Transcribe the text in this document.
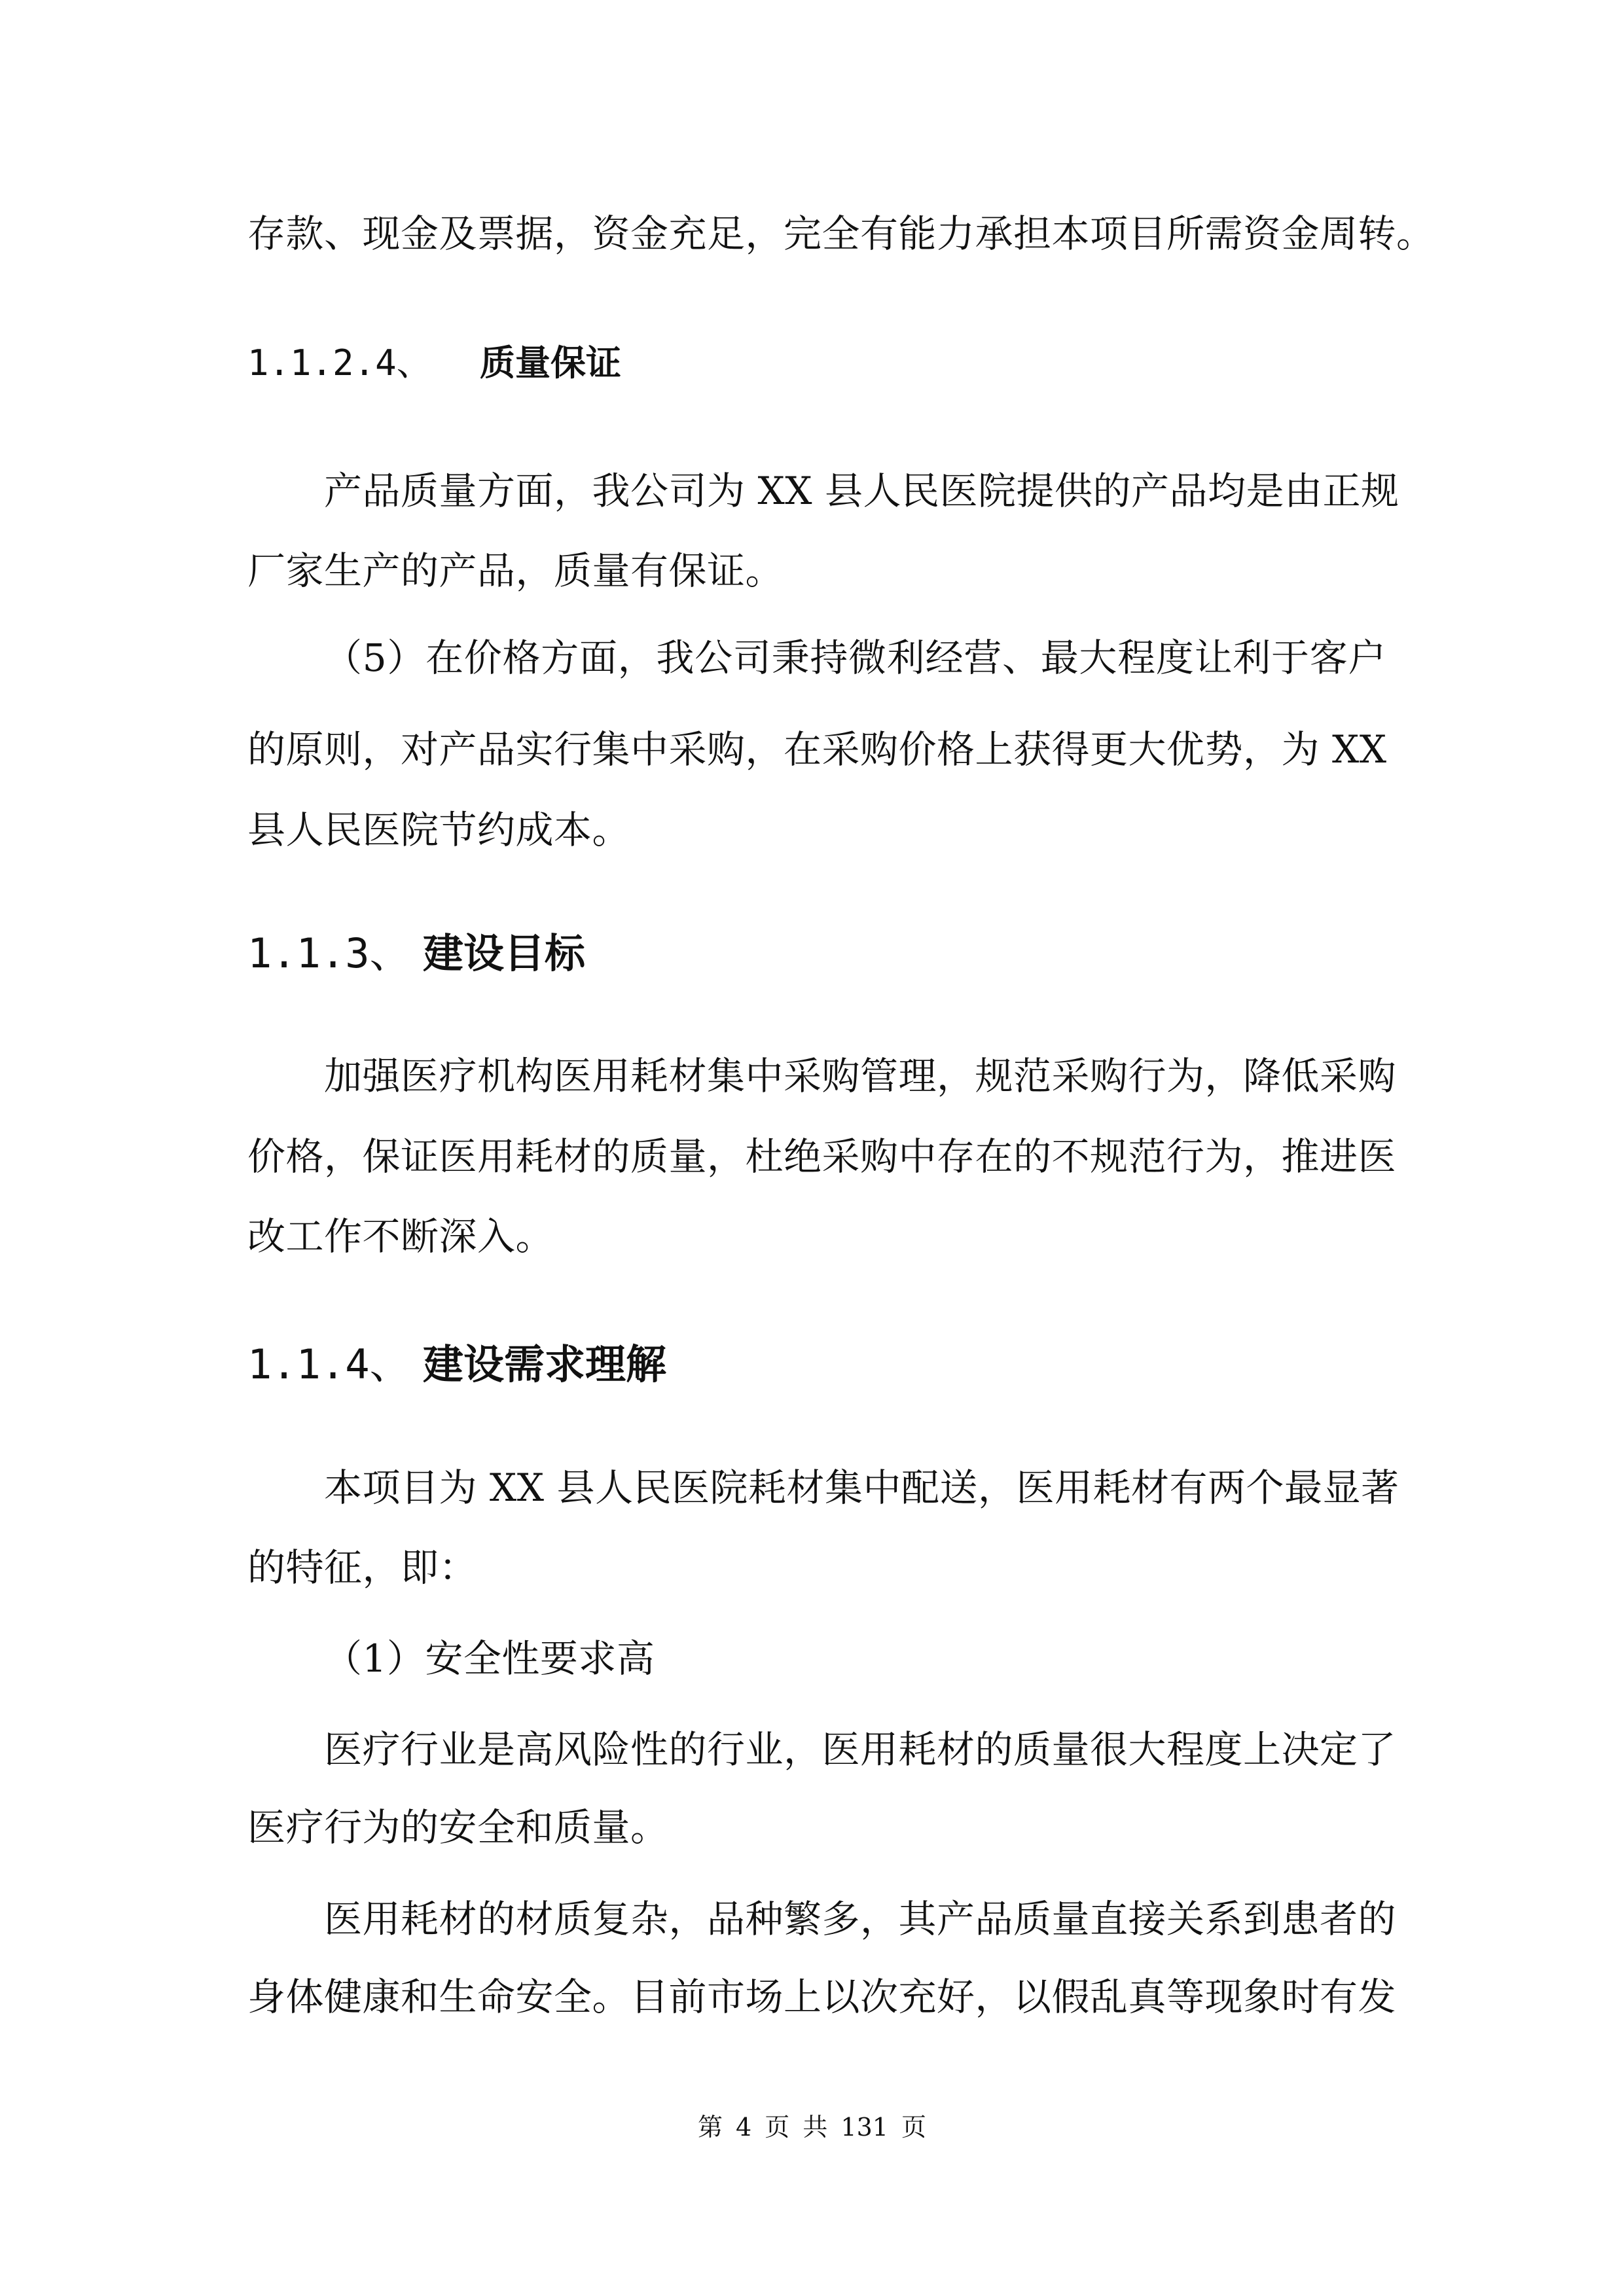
存款、现金及票据，资金充足，完全有能力承担本项目所需资金周转。
1.1.2.4、 质量保证
产品质量方面，我公司为 XX 县人民医院提供的产品均是由正规
厂家生产的产品，质量有保证。
（5）在价格方面，我公司秉持微利经营、最大程度让利于客户
的原则，对产品实行集中采购，在采购价格上获得更大优势，为 XX
县人民医院节约成本。
1.1.3、 建设目标
加强医疗机构医用耗材集中采购管理，规范采购行为，降低采购
价格，保证医用耗材的质量，杜绝采购中存在的不规范行为，推进医
改工作不断深入。
1.1.4、 建设需求理解
本项目为 XX 县人民医院耗材集中配送，医用耗材有两个最显著
的特征，即：
（1）安全性要求高
医疗行业是高风险性的行业，医用耗材的质量很大程度上决定了
医疗行为的安全和质量。
医用耗材的材质复杂，品种繁多，其产品质量直接关系到患者的
身体健康和生命安全。目前市场上以次充好，以假乱真等现象时有发
第 4 页 共 131 页
